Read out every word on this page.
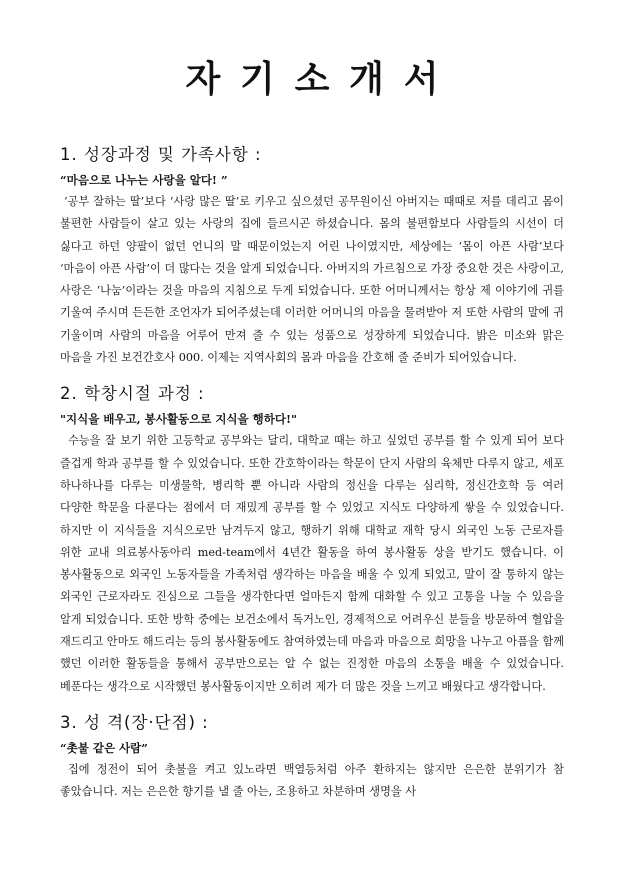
자기소개서
1. 성장과정 및 가족사항 :

“마음으로 나누는 사랑을 알다! ”

‘공부 잘하는 딸’보다 ‘사랑 많은 딸’로 키우고 싶으셨던 공무원이신 아버지는 때때로 저를 데리고 몸이 불편한 사람들이 살고 있는 사랑의 집에 들르시곤 하셨습니다. 몸의 불편함보다 사람들의 시선이 더 싫다고 하던 양팔이 없던 언니의 말 때문이었는지 어린 나이였지만, 세상에는 ‘몸이 아픈 사람’보다 ‘마음이 아픈 사람’이 더 많다는 것을 알게 되었습니다. 아버지의 가르침으로 가장 중요한 것은 사랑이고, 사랑은 ‘나눔’이라는 것을 마음의 지침으로 두게 되었습니다. 또한 어머니께서는 항상 제 이야기에 귀를 기울여 주시며 든든한 조언자가 되어주셨는데 이러한 어머니의 마음을 물려받아 저 또한 사람의 말에 귀 기울이며 사람의 마음을 어루어 만져 줄 수 있는 성품으로 성장하게 되었습니다. 밝은 미소와 맑은 마음을 가진 보건간호사 000. 이제는 지역사회의 몸과 마음을 간호해 줄 준비가 되어있습니다.

2. 학창시절 과정 :

"지식을 배우고, 봉사활동으로 지식을 행하다!"

수능을 잘 보기 위한 고등학교 공부와는 달리, 대학교 때는 하고 싶었던 공부를 할 수 있게 되어 보다 즐겁게 학과 공부를 할 수 있었습니다. 또한 간호학이라는 학문이 단지 사람의 육체만 다루지 않고, 세포 하나하나를 다루는 미생물학, 병리학 뿐 아니라 사람의 정신을 다루는 심리학, 정신간호학 등 여러 다양한 학문을 다룬다는 점에서 더 재밌게 공부를 할 수 있었고 지식도 다양하게 쌓을 수 있었습니다. 하지만 이 지식들을 지식으로만 남겨두지 않고, 행하기 위해 대학교 재학 당시 외국인 노동 근로자를 위한 교내 의료봉사동아리 med-team에서 4년간 활동을 하여 봉사활동 상을 받기도 했습니다. 이 봉사활동으로 외국인 노동자들을 가족처럼 생각하는 마음을 배울 수 있게 되었고, 말이 잘 통하지 않는 외국인 근로자라도 진심으로 그들을 생각한다면 얼마든지 함께 대화할 수 있고 고통을 나눌 수 있음을 알게 되었습니다. 또한 방학 중에는 보건소에서 독거노인, 경제적으로 어려우신 분들을 방문하여 혈압을 재드리고 안마도 해드리는 등의 봉사활동에도 참여하였는데 마음과 마음으로 희망을 나누고 아픔을 함께 했던 이러한 활동들을 통해서 공부만으로는 알 수 없는 진정한 마음의 소통을 배울 수 있었습니다. 베푼다는 생각으로 시작했던 봉사활동이지만 오히려 제가 더 많은 것을 느끼고 배웠다고 생각합니다.

3. 성 격(장·단점) :

“촛불 같은 사람”

집에 정전이 되어 촛불을 켜고 있노라면 백열등처럼 아주 환하지는 않지만 은은한 분위기가 참 좋았습니다. 저는 은은한 향기를 낼 줄 아는, 조용하고 차분하며 생명을 사
